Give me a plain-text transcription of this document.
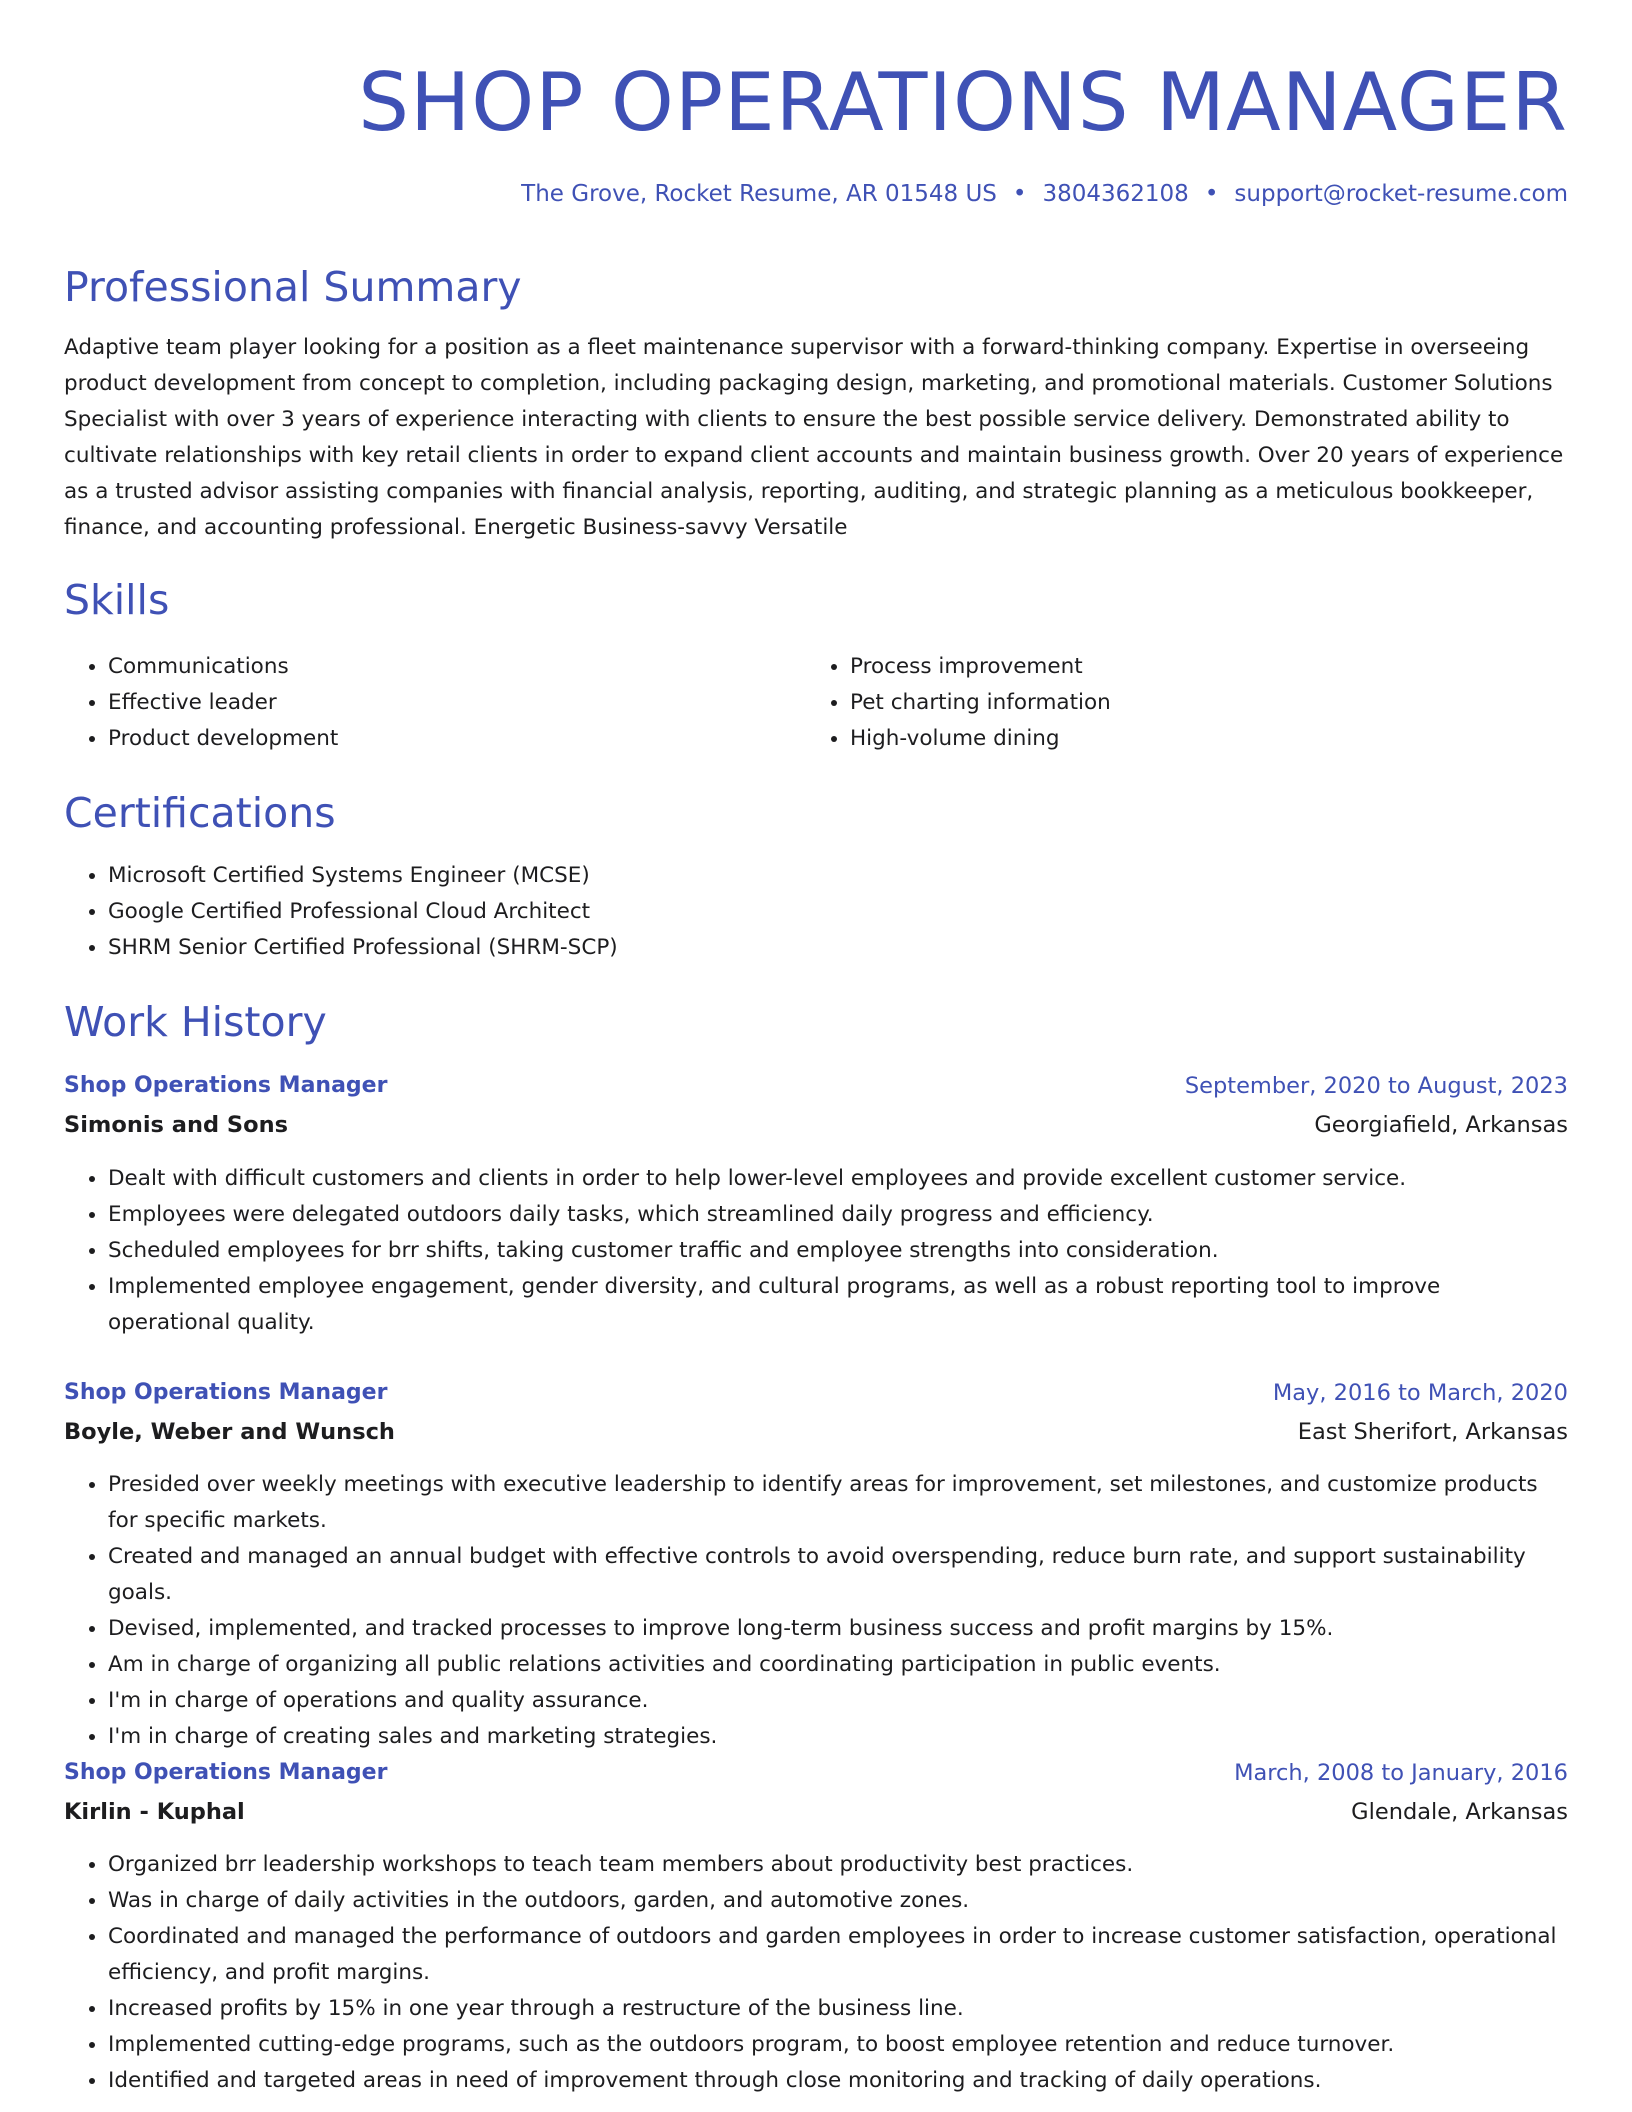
SHOP OPERATIONS MANAGER
The Grove, Rocket Resume, AR 01548 US • 3804362108 • support@rocket-resume.com
Professional Summary

Adaptive team player looking for a position as a fleet maintenance supervisor with a forward-thinking company. Expertise in overseeing product development from concept to completion, including packaging design, marketing, and promotional materials. Customer Solutions Specialist with over 3 years of experience interacting with clients to ensure the best possible service delivery. Demonstrated ability to cultivate relationships with key retail clients in order to expand client accounts and maintain business growth. Over 20 years of experience as a trusted advisor assisting companies with financial analysis, reporting, auditing, and strategic planning as a meticulous bookkeeper, finance, and accounting professional. Energetic Business-savvy Versatile

Skills
• Communications
• Effective leader
• Product development
• Process improvement
• Pet charting information
• High-volume dining
Certifications
• Microsoft Certified Systems Engineer (MCSE)
• Google Certified Professional Cloud Architect
• SHRM Senior Certified Professional (SHRM-SCP)
Work History
Shop Operations Manager	September, 2020 to August, 2023
Simonis and Sons	Georgiafield, Arkansas
• Dealt with difficult customers and clients in order to help lower-level employees and provide excellent customer service.
• Employees were delegated outdoors daily tasks, which streamlined daily progress and efficiency.
• Scheduled employees for brr shifts, taking customer traffic and employee strengths into consideration.
• Implemented employee engagement, gender diversity, and cultural programs, as well as a robust reporting tool to improve operational quality.
Shop Operations Manager	May, 2016 to March, 2020
Boyle, Weber and Wunsch	East Sherifort, Arkansas
• Presided over weekly meetings with executive leadership to identify areas for improvement, set milestones, and customize products for specific markets.
• Created and managed an annual budget with effective controls to avoid overspending, reduce burn rate, and support sustainability goals.
• Devised, implemented, and tracked processes to improve long-term business success and profit margins by 15%.
• Am in charge of organizing all public relations activities and coordinating participation in public events.
• I'm in charge of operations and quality assurance.
• I'm in charge of creating sales and marketing strategies.
Shop Operations Manager	March, 2008 to January, 2016
Kirlin - Kuphal	Glendale, Arkansas
• Organized brr leadership workshops to teach team members about productivity best practices.
• Was in charge of daily activities in the outdoors, garden, and automotive zones.
• Coordinated and managed the performance of outdoors and garden employees in order to increase customer satisfaction, operational efficiency, and profit margins.
• Increased profits by 15% in one year through a restructure of the business line.
• Implemented cutting-edge programs, such as the outdoors program, to boost employee retention and reduce turnover.
• Identified and targeted areas in need of improvement through close monitoring and tracking of daily operations.
